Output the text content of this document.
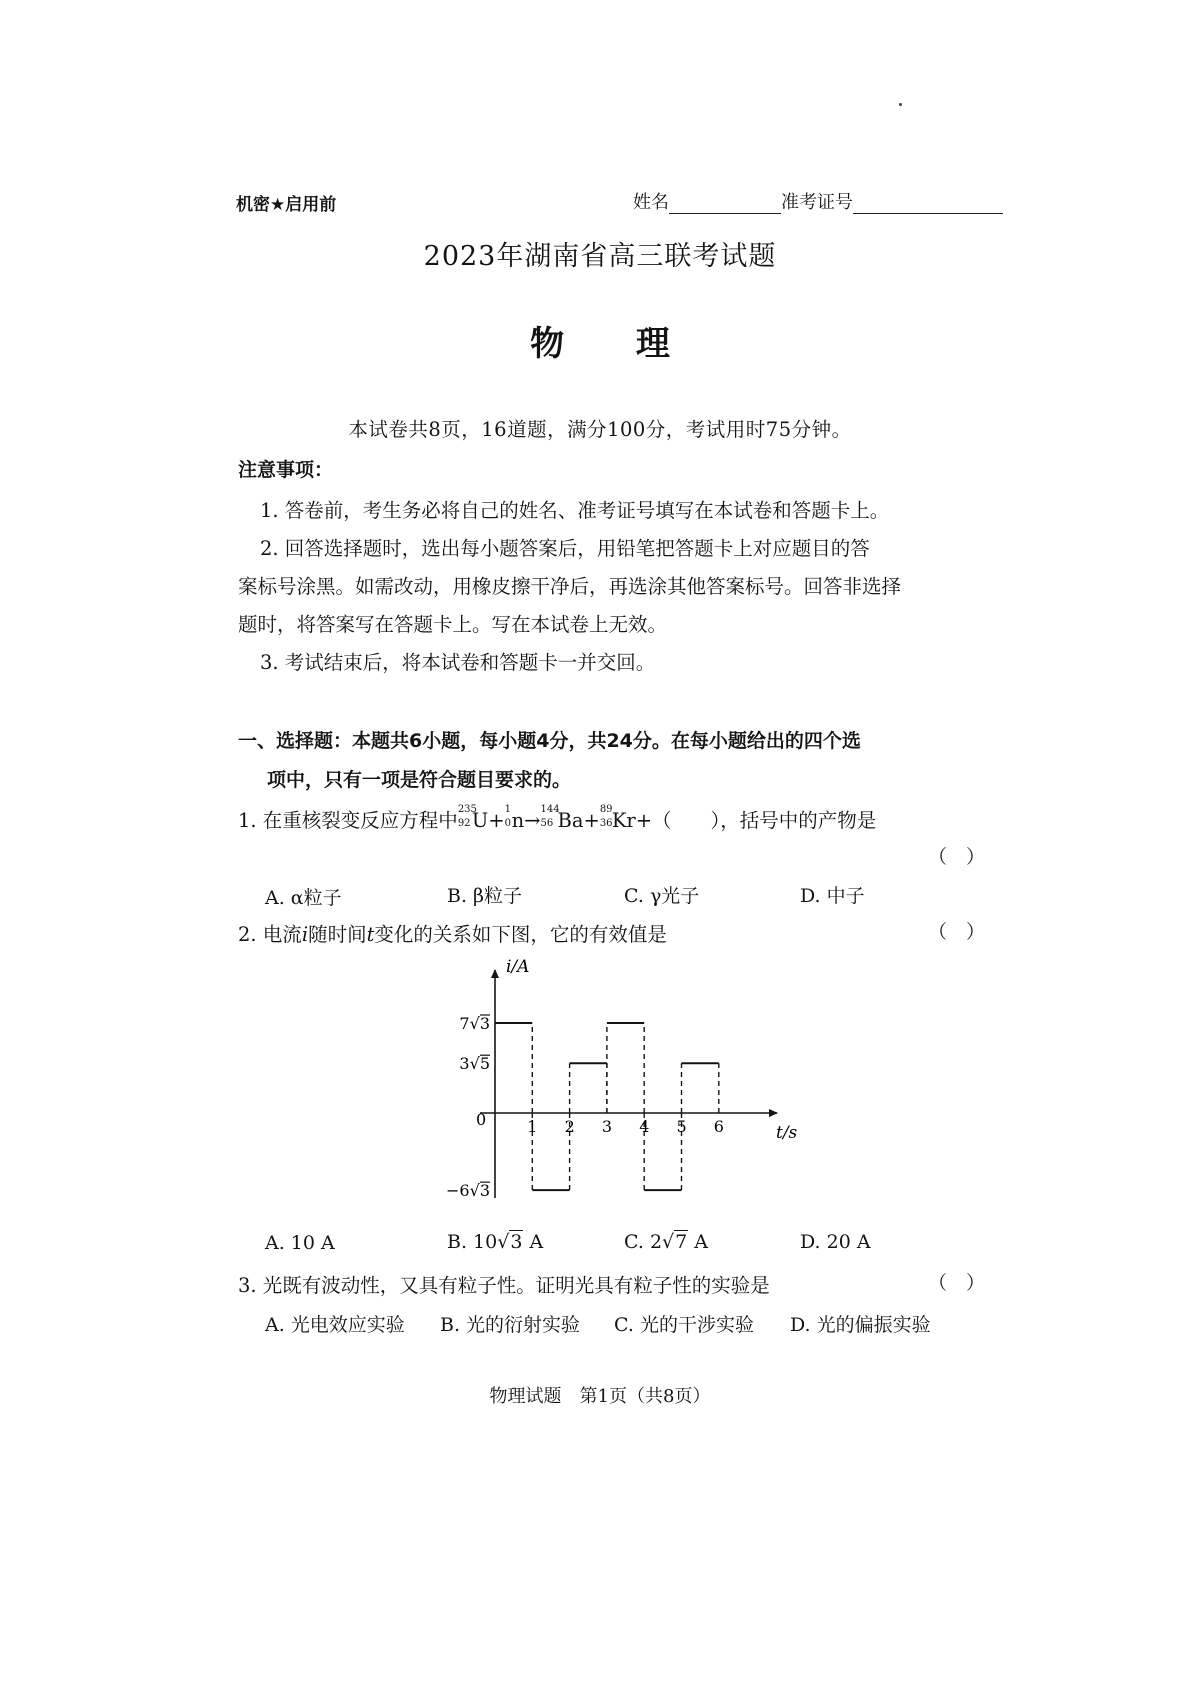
机密★启用前	姓名	准考证号
2023年湖南省高三联考试题
物 理
本试卷共8页，16道题，满分100分，考试用时75分钟。
注意事项：
1. 答卷前，考生务必将自己的姓名、准考证号填写在本试卷和答题卡上。
2. 回答选择题时，选出每小题答案后，用铅笔把答题卡上对应题目的答
案标号涂黑。如需改动，用橡皮擦干净后，再选涂其他答案标号。回答非选择
题时，将答案写在答题卡上。写在本试卷上无效。
3. 考试结束后，将本试卷和答题卡一并交回。
一、选择题：本题共6小题，每小题4分，共24分。在每小题给出的四个选
项中，只有一项是符合题目要求的。
1. 在重核裂变反应方程中 235
92 U+ 1
0 n→ 144
56 Ba+ 89
36 Kr+（　　），括号中的产物是
（　）
A. α粒子	B. β粒子	C. γ光子	D. 中子
2. 电流i随时间t变化的关系如下图，它的有效值是	（　）
i/A
t/s
0	1 2 3 4 5 6
7√3
3√5
−6√3
A. 10 A	B. 10√3 A	C. 2√7 A	D. 20 A
3. 光既有波动性，又具有粒子性。证明光具有粒子性的实验是	（　）
A. 光电效应实验 B. 光的衍射实验 C. 光的干涉实验 D. 光的偏振实验
物理试题　第1页（共8页）
